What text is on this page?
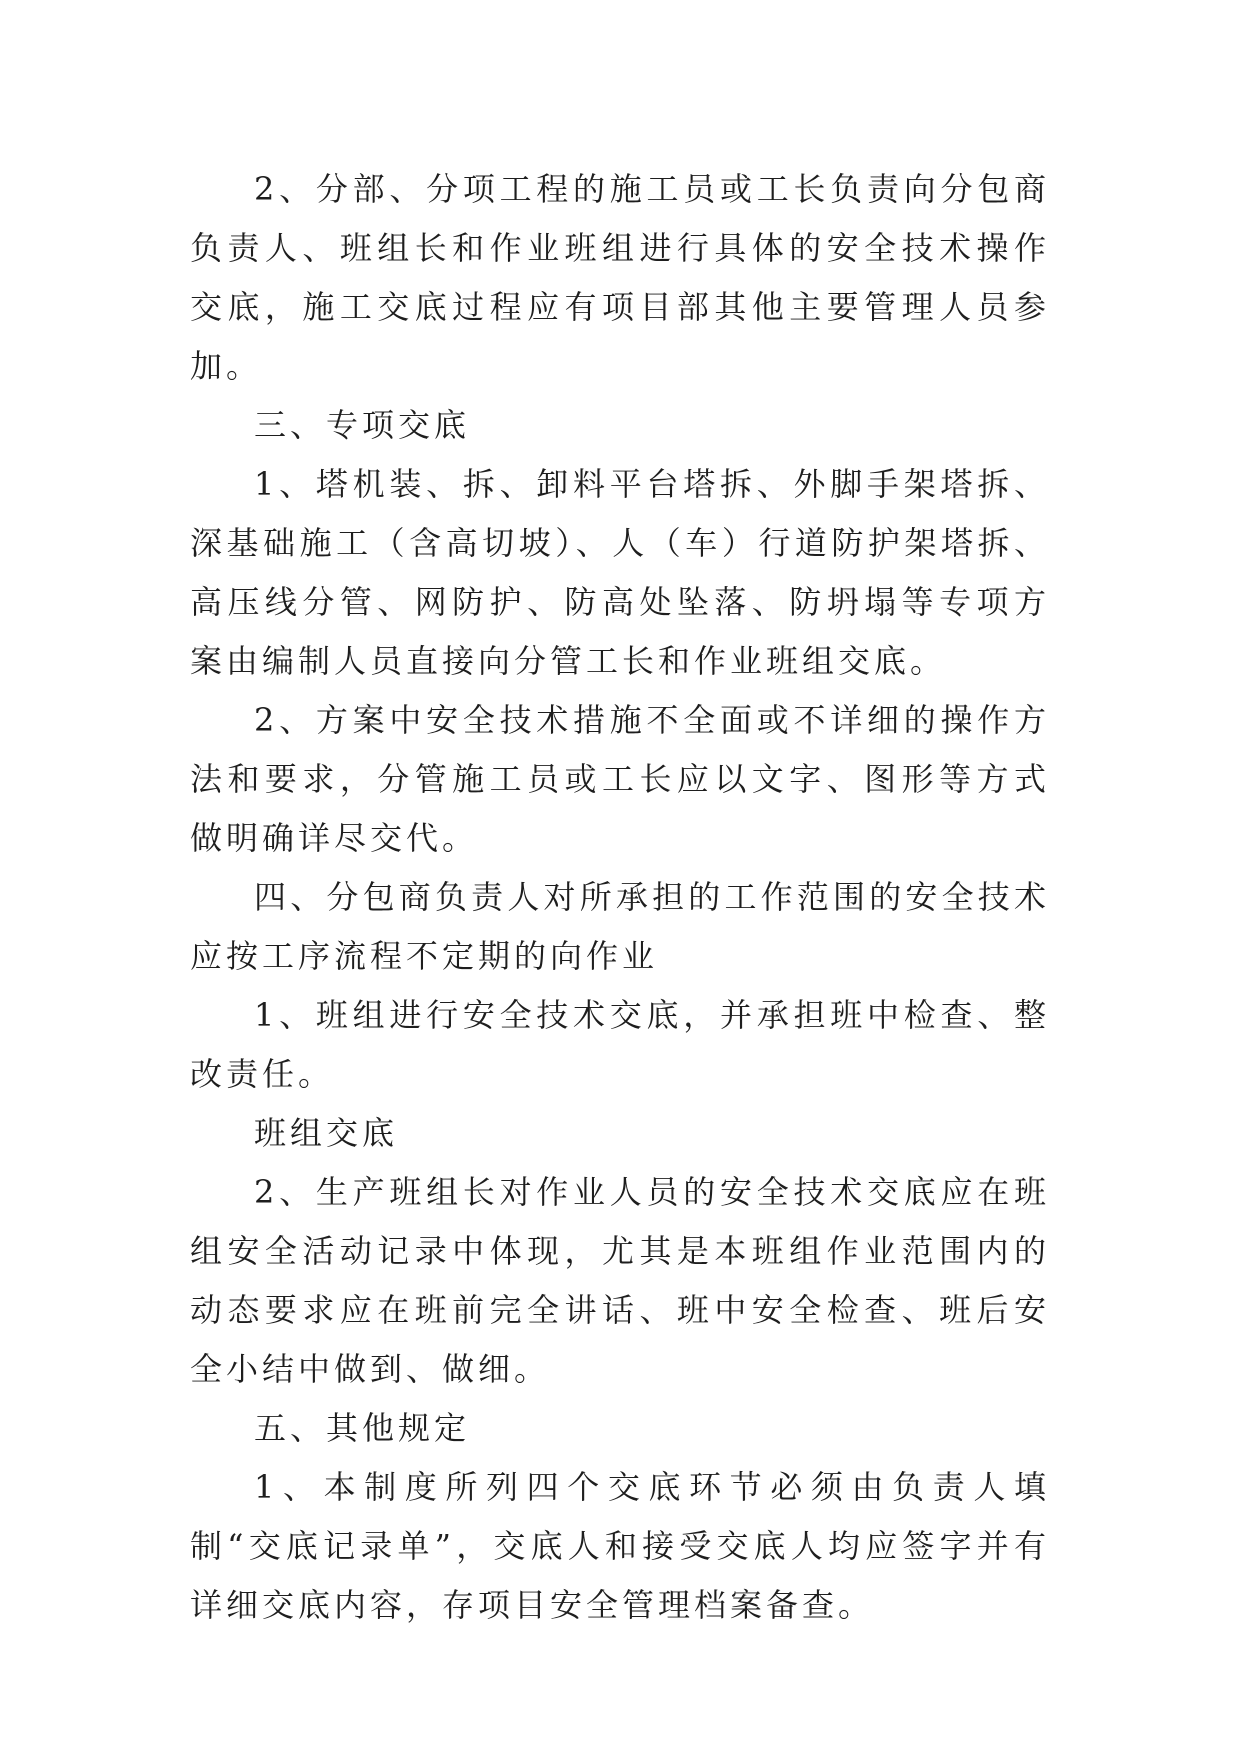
2、分部、分项工程的施工员或工长负责向分包商负责人、班组长和作业班组进行具体的安全技术操作交底，施工交底过程应有项目部其他主要管理人员参加。

三、专项交底

1、塔机装、拆、卸料平台塔拆、外脚手架塔拆、深基础施工（含高切坡）、人（车）行道防护架塔拆、高压线分管、网防护、防高处坠落、防坍塌等专项方案由编制人员直接向分管工长和作业班组交底。

2、方案中安全技术措施不全面或不详细的操作方法和要求，分管施工员或工长应以文字、图形等方式做明确详尽交代。

四、分包商负责人对所承担的工作范围的安全技术应按工序流程不定期的向作业

1、班组进行安全技术交底，并承担班中检查、整改责任。

班组交底

2、生产班组长对作业人员的安全技术交底应在班组安全活动记录中体现，尤其是本班组作业范围内的动态要求应在班前完全讲话、班中安全检查、班后安全小结中做到、做细。

五、其他规定

1、本制度所列四个交底环节必须由负责人填制“交底记录单”，交底人和接受交底人均应签字并有详细交底内容，存项目安全管理档案备查。
